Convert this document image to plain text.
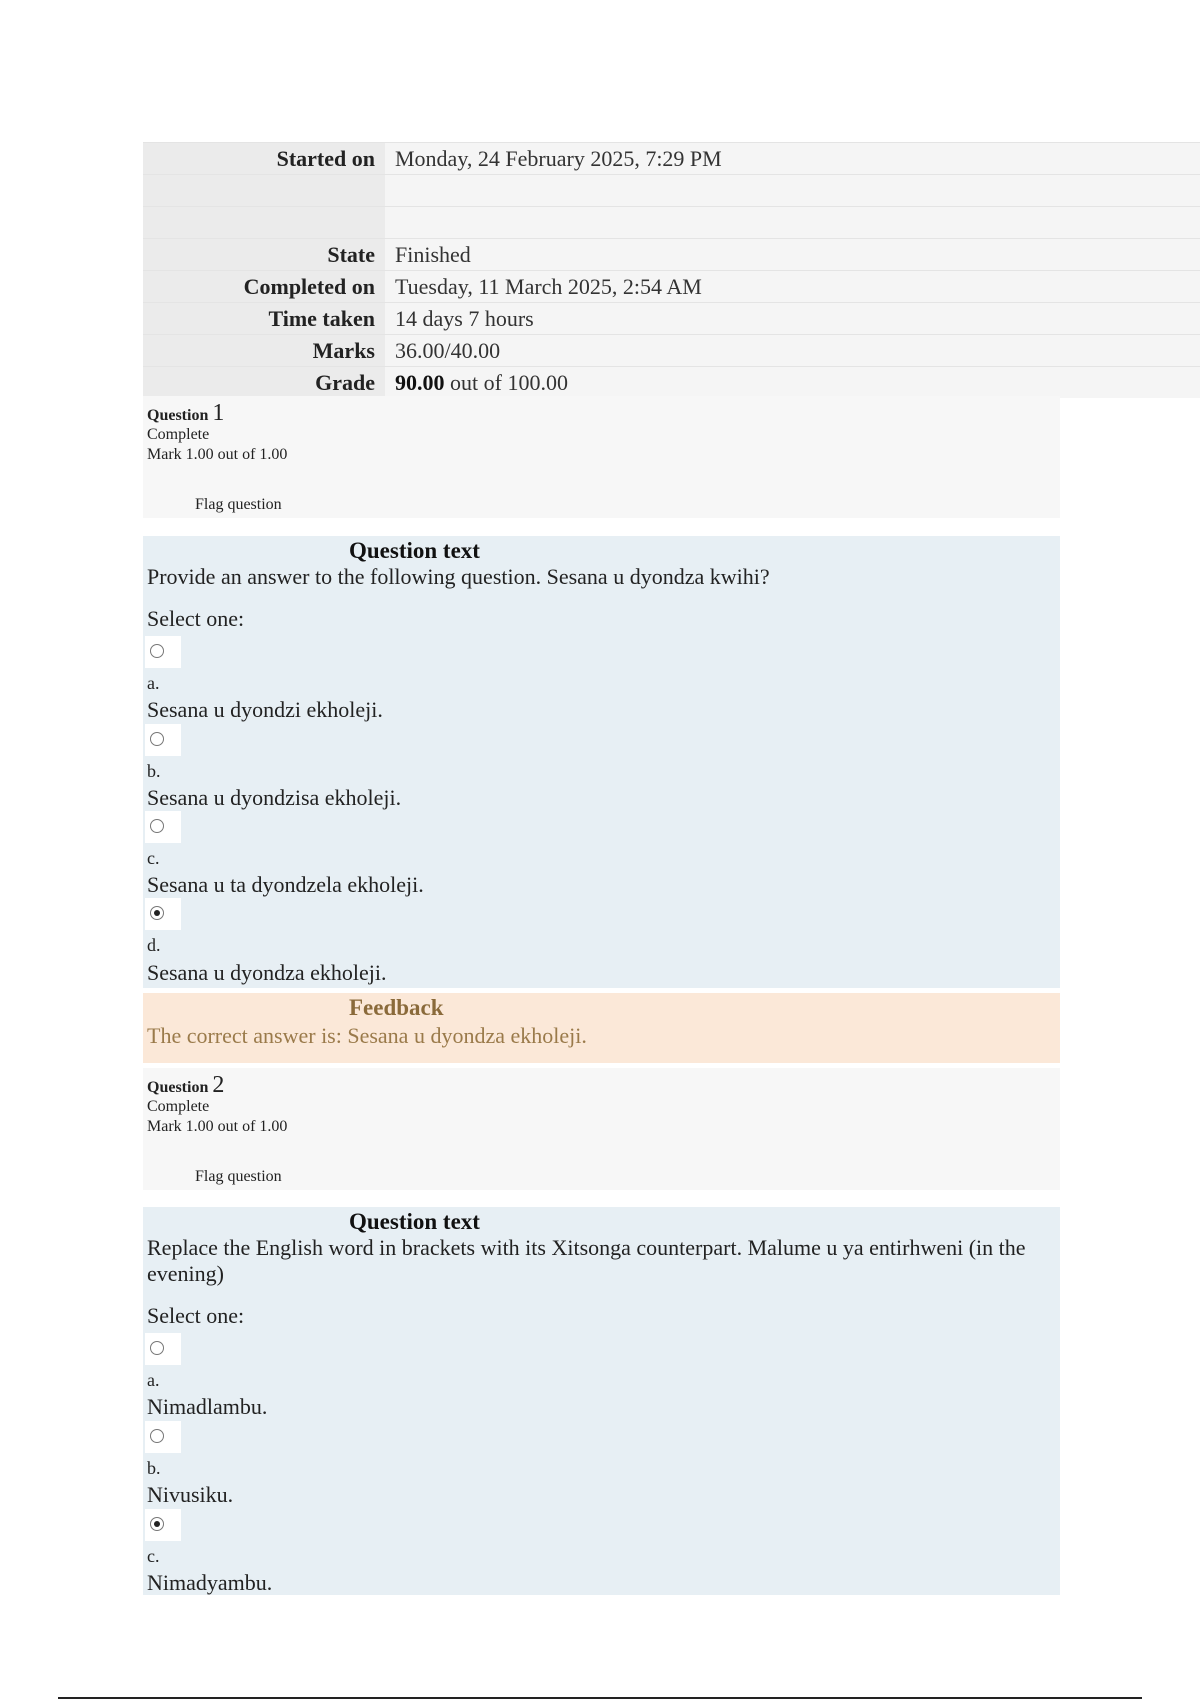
Started on	Monday, 24 February 2025, 7:29 PM

State	Finished
Completed on	Tuesday, 11 March 2025, 2:54 AM
Time taken	14 days 7 hours
Marks	36.00/40.00
Grade	90.00 out of 100.00
Question 1
Complete
Mark 1.00 out of 1.00
Flag question
Question text
Provide an answer to the following question. Sesana u dyondza kwihi?
Select one:
a.
Sesana u dyondzi ekholeji.
b.
Sesana u dyondzisa ekholeji.
c.
Sesana u ta dyondzela ekholeji.
d.
Sesana u dyondza ekholeji.
Feedback
The correct answer is: Sesana u dyondza ekholeji.
Question 2
Complete
Mark 1.00 out of 1.00
Flag question
Question text
Replace the English word in brackets with its Xitsonga counterpart. Malume u ya entirhweni (in the evening)
Select one:
a.
Nimadlambu.
b.
Nivusiku.
c.
Nimadyambu.
